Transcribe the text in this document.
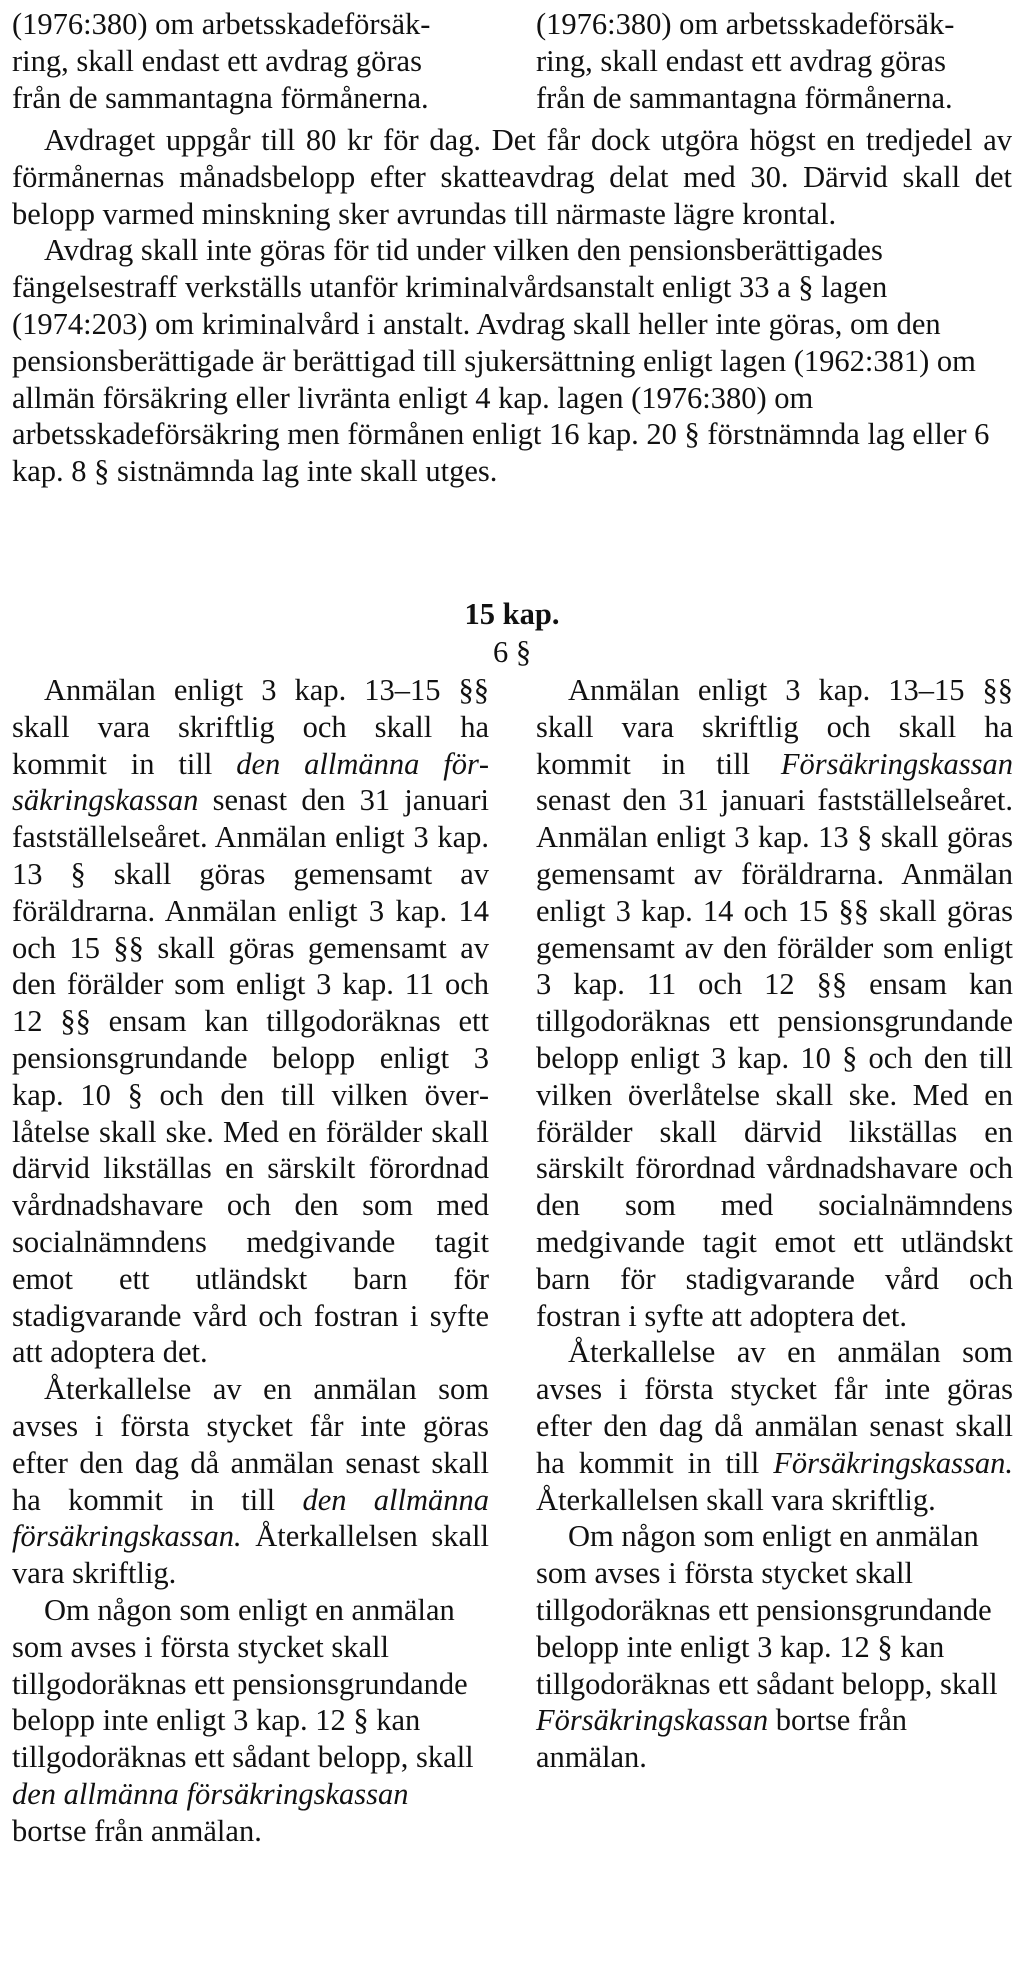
(1976:380) om arbetsskadeförsäk-
ring, skall endast ett avdrag göras
från de sammantagna förmånerna.
(1976:380) om arbetsskadeförsäk-
ring, skall endast ett avdrag göras
från de sammantagna förmånerna.

Avdraget uppgår till 80 kr för dag. Det får dock utgöra högst en tredjedel av förmånernas månadsbelopp efter skatteavdrag delat med 30. Därvid skall det belopp varmed minskning sker avrundas till närmaste lägre krontal.

Avdrag skall inte göras för tid under vilken den pensionsberättigades fängelsestraff verkställs utanför kriminalvårdsanstalt enligt 33 a § lagen (1974:203) om kriminalvård i anstalt. Avdrag skall heller inte göras, om den pensionsberättigade är berättigad till sjukersättning enligt lagen (1962:381) om allmän försäkring eller livränta enligt 4 kap. lagen (1976:380) om arbetsskadeförsäkring men förmånen enligt 16 kap. 20 § förstnämnda lag eller 6 kap. 8 § sistnämnda lag inte skall utges.

15 kap.
6 §

Anmälan enligt 3 kap. 13–15 §§ skall vara skriftlig och skall ha kommit in till den allmänna försäkringskassan senast den 31 januari fastställelseåret. Anmälan enligt 3 kap. 13 § skall göras gemensamt av föräldrarna. Anmälan enligt 3 kap. 14 och 15 §§ skall göras gemensamt av den förälder som enligt 3 kap. 11 och 12 §§ ensam kan tillgodoräknas ett pensionsgrundande belopp enligt 3 kap. 10 § och den till vilken överlåtelse skall ske. Med en förälder skall därvid likställas en särskilt förordnad vårdnadshavare och den som med socialnämndens medgivande tagit emot ett utländskt barn för stadigvarande vård och fostran i syfte att adoptera det.

Återkallelse av en anmälan som avses i första stycket får inte göras efter den dag då anmälan senast skall ha kommit in till den allmänna försäkringskassan. Återkallelsen skall vara skriftlig.

Om någon som enligt en anmälan som avses i första stycket skall tillgodoräknas ett pensionsgrundande belopp inte enligt 3 kap. 12 § kan tillgodoräknas ett sådant belopp, skall den allmänna försäkringskassan bortse från anmälan.

Anmälan enligt 3 kap. 13–15 §§ skall vara skriftlig och skall ha kommit in till Försäkringskassan senast den 31 januari fastställelseåret. Anmälan enligt 3 kap. 13 § skall göras gemensamt av föräldrarna. Anmälan enligt 3 kap. 14 och 15 §§ skall göras gemensamt av den förälder som enligt 3 kap. 11 och 12 §§ ensam kan tillgodoräknas ett pensionsgrundande belopp enligt 3 kap. 10 § och den till vilken överlåtelse skall ske. Med en förälder skall därvid likställas en särskilt förordnad vårdnadshavare och den som med socialnämndens medgivande tagit emot ett utländskt barn för stadigvarande vård och fostran i syfte att adoptera det.

Återkallelse av en anmälan som avses i första stycket får inte göras efter den dag då anmälan senast skall ha kommit in till Försäkringskassan. Återkallelsen skall vara skriftlig.

Om någon som enligt en anmälan som avses i första stycket skall tillgodoräknas ett pensionsgrundande belopp inte enligt 3 kap. 12 § kan tillgodoräknas ett sådant belopp, skall Försäkringskassan bortse från anmälan.
